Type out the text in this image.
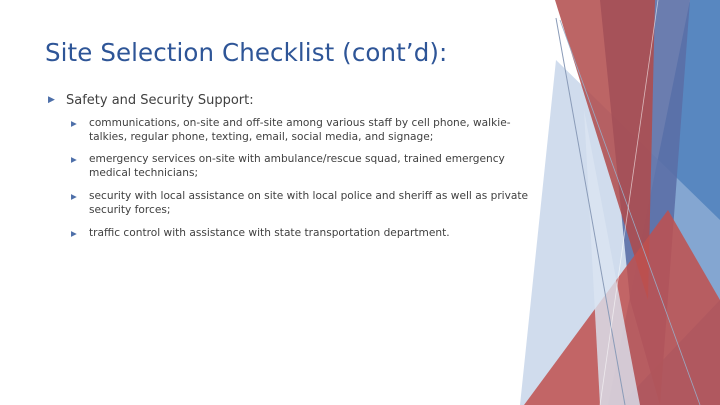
Site Selection Checklist (cont’d):
▶ Safety and Security Support:
▶	communications, on-site and off-site among various staff by cell phone, walkie-talkies, regular phone, texting, email, social media, and signage;
▶	emergency services on-site with ambulance/rescue squad, trained emergency medical technicians;
▶	security with local assistance on site with local police and sheriff as well as private security forces;
▶	traffic control with assistance with state transportation department.
